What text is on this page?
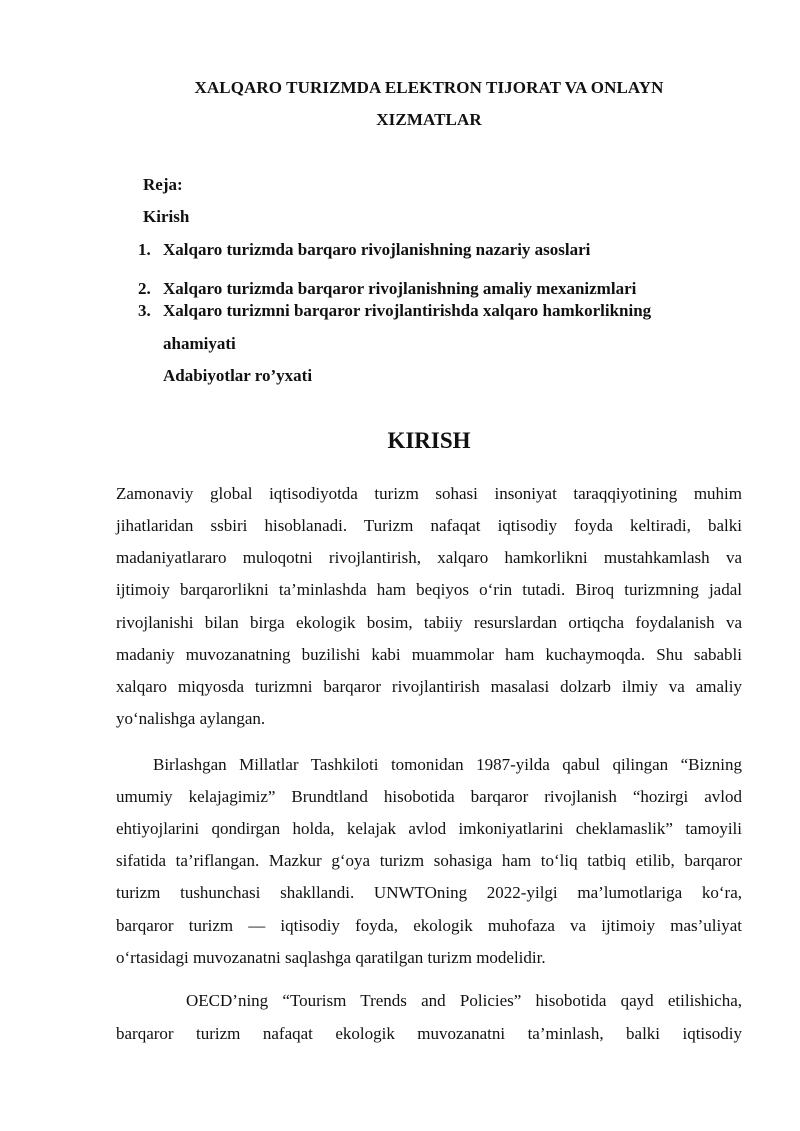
XALQARO TURIZMDA ELEKTRON TIJORAT VA ONLAYN
XIZMATLAR
Reja:
Kirish
1. Xalqaro turizmda barqaro rivojlanishning nazariy asoslari
2. Xalqaro turizmda barqaror rivojlanishning amaliy mexanizmlari
3. Xalqaro turizmni barqaror rivojlantirishda xalqaro hamkorlikning
ahamiyati
Adabiyotlar ro’yxati
KIRISH
Zamonaviy global iqtisodiyotda turizm sohasi insoniyat taraqqiyotining muhim
jihatlaridan ssbiri hisoblanadi. Turizm nafaqat iqtisodiy foyda keltiradi, balki
madaniyatlararo muloqotni rivojlantirish, xalqaro hamkorlikni mustahkamlash va
ijtimoiy barqarorlikni ta’minlashda ham beqiyos o‘rin tutadi. Biroq turizmning jadal
rivojlanishi bilan birga ekologik bosim, tabiiy resurslardan ortiqcha foydalanish va
madaniy muvozanatning buzilishi kabi muammolar ham kuchaymoqda. Shu sababli
xalqaro miqyosda turizmni barqaror rivojlantirish masalasi dolzarb ilmiy va amaliy
yo‘nalishga aylangan.
Birlashgan Millatlar Tashkiloti tomonidan 1987-yilda qabul qilingan “Bizning
umumiy kelajagimiz” Brundtland hisobotida barqaror rivojlanish “hozirgi avlod
ehtiyojlarini qondirgan holda, kelajak avlod imkoniyatlarini cheklamaslik” tamoyili
sifatida ta’riflangan. Mazkur g‘oya turizm sohasiga ham to‘liq tatbiq etilib, barqaror
turizm tushunchasi shakllandi. UNWTOning 2022-yilgi ma’lumotlariga ko‘ra,
barqaror turizm — iqtisodiy foyda, ekologik muhofaza va ijtimoiy mas’uliyat
o‘rtasidagi muvozanatni saqlashga qaratilgan turizm modelidir.
OECD’ning “Tourism Trends and Policies” hisobotida qayd etilishicha,
barqaror turizm nafaqat ekologik muvozanatni ta’minlash, balki iqtisodiy
